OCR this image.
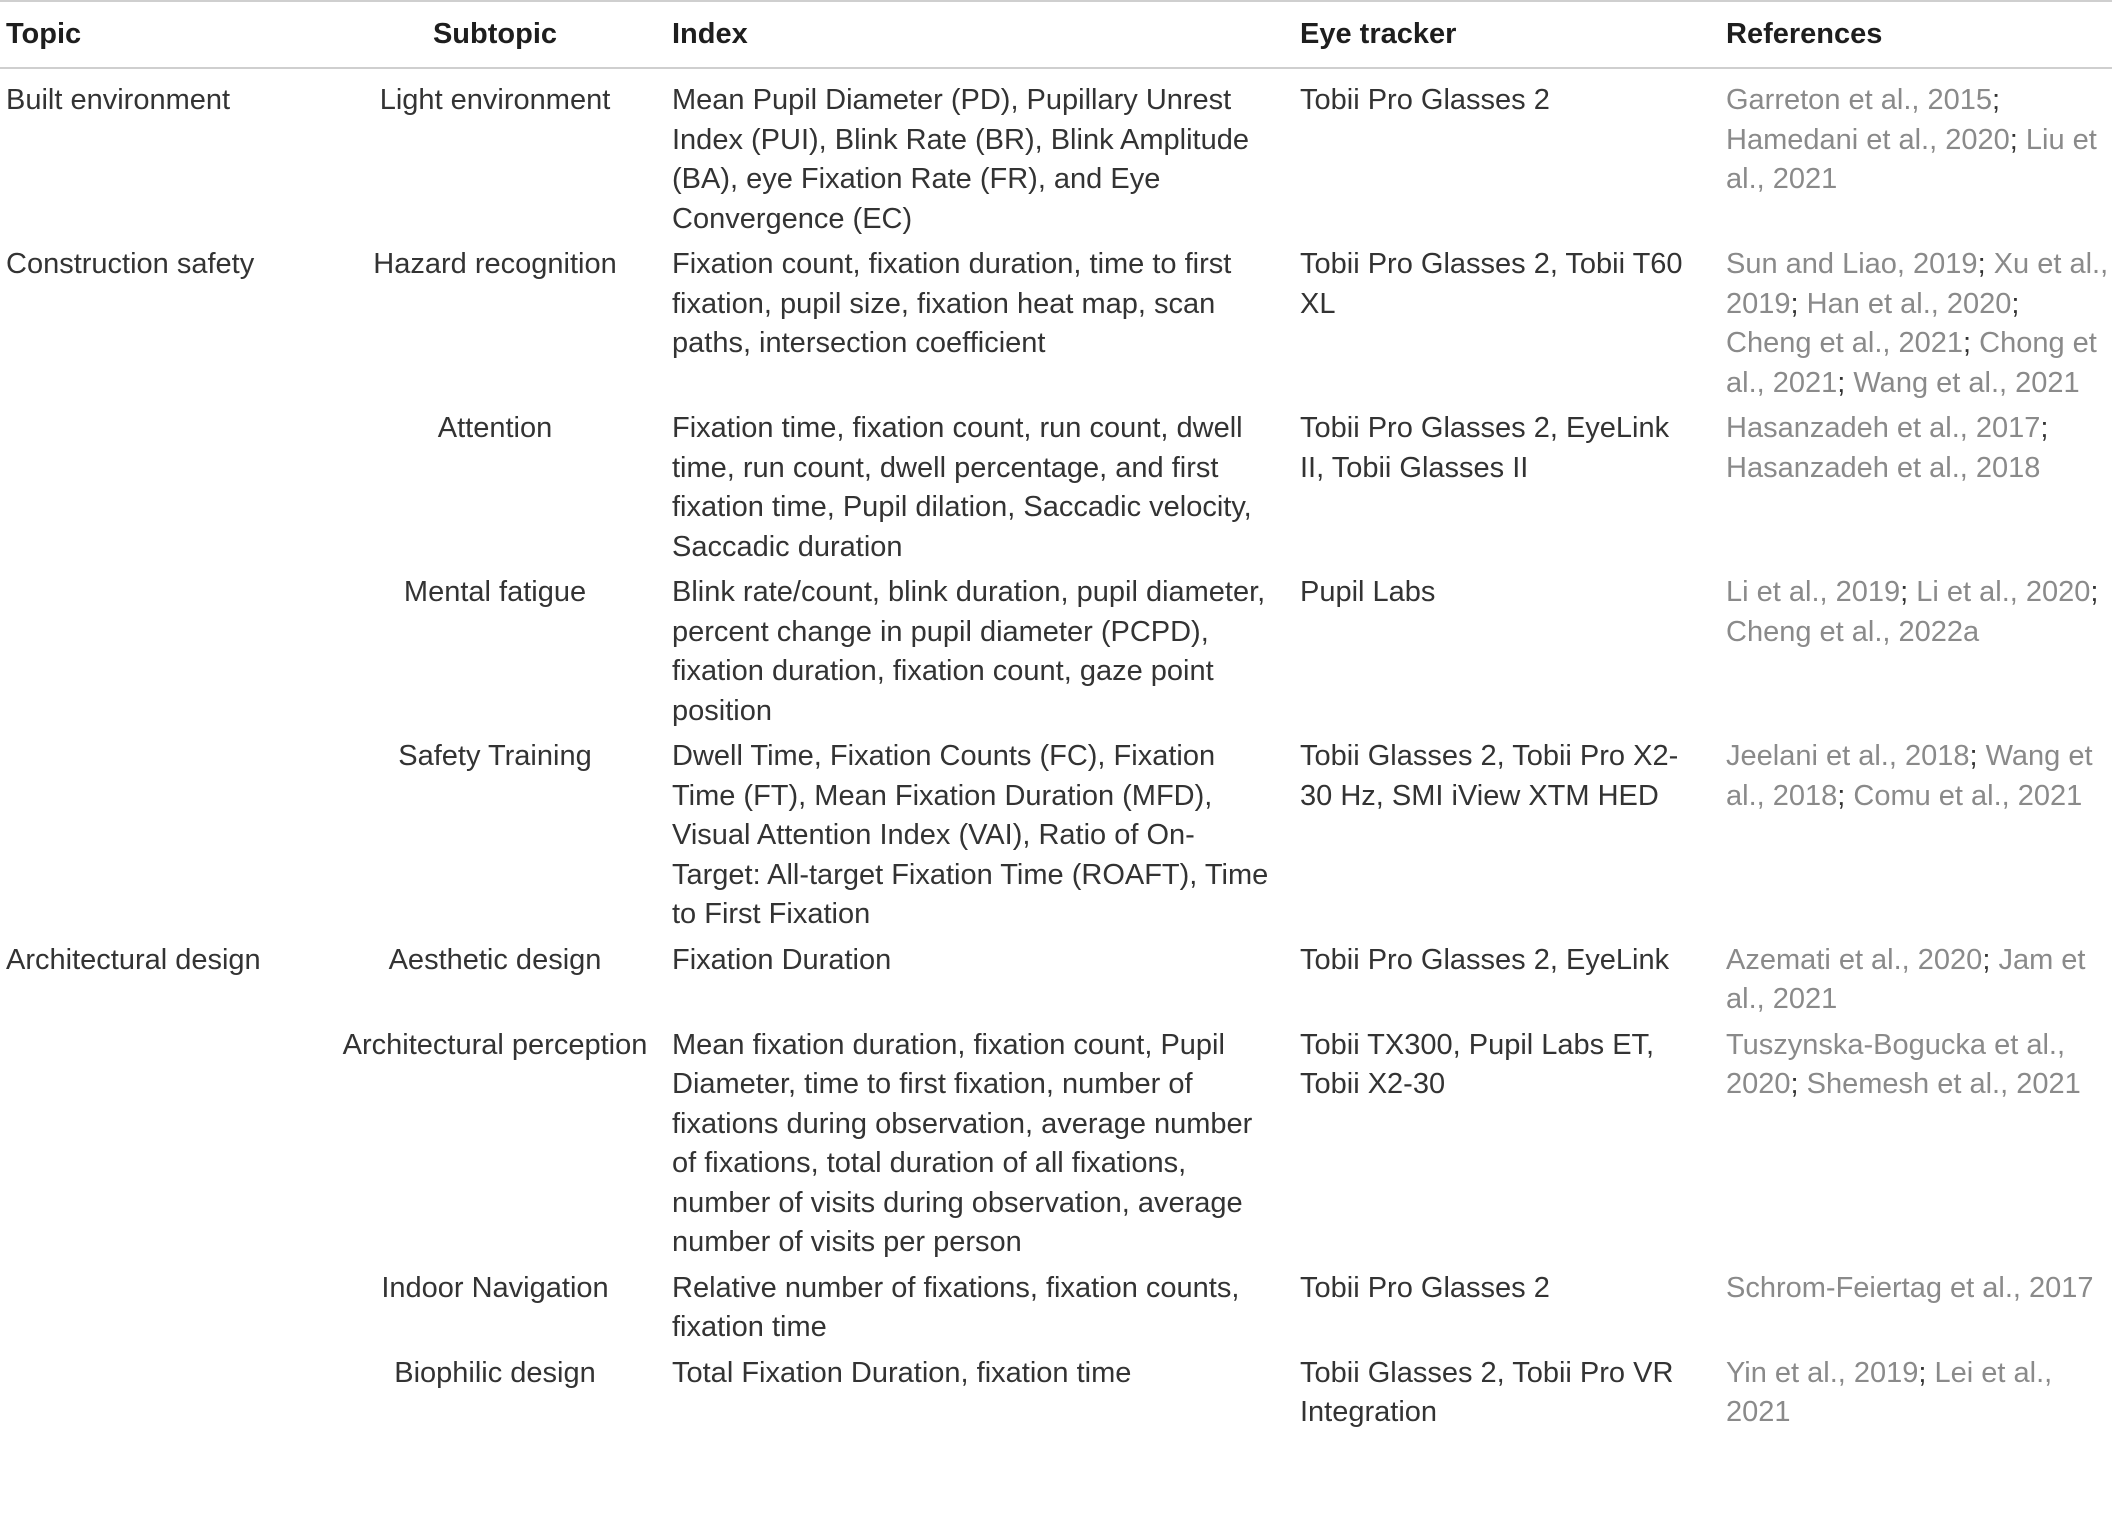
Topic	Subtopic	Index	Eye tracker	References
Built environment	Light environment	Mean Pupil Diameter (PD), Pupillary Unrest Index (PUI), Blink Rate (BR), Blink Amplitude (BA), eye Fixation Rate (FR), and Eye Convergence (EC)	Tobii Pro Glasses 2	Garreton et al., 2015; Hamedani et al., 2020; Liu et al., 2021
Construction safety	Hazard recognition	Fixation count, fixation duration, time to first fixation, pupil size, fixation heat map, scan paths, intersection coefficient	Tobii Pro Glasses 2, Tobii T60 XL	Sun and Liao, 2019; Xu et al., 2019; Han et al., 2020; Cheng et al., 2021; Chong et al., 2021; Wang et al., 2021
	Attention	Fixation time, fixation count, run count, dwell time, run count, dwell percentage, and first fixation time, Pupil dilation, Saccadic velocity, Saccadic duration	Tobii Pro Glasses 2, EyeLink II, Tobii Glasses II	Hasanzadeh et al., 2017; Hasanzadeh et al., 2018
	Mental fatigue	Blink rate/count, blink duration, pupil diameter, percent change in pupil diameter (PCPD), fixation duration, fixation count, gaze point position	Pupil Labs	Li et al., 2019; Li et al., 2020; Cheng et al., 2022a
	Safety Training	Dwell Time, Fixation Counts (FC), Fixation Time (FT), Mean Fixation Duration (MFD), Visual Attention Index (VAI), Ratio of On-Target: All-target Fixation Time (ROAFT), Time to First Fixation	Tobii Glasses 2, Tobii Pro X2-30 Hz, SMI iView XTM HED	Jeelani et al., 2018; Wang et al., 2018; Comu et al., 2021
Architectural design	Aesthetic design	Fixation Duration	Tobii Pro Glasses 2, EyeLink	Azemati et al., 2020; Jam et al., 2021
	Architectural perception	Mean fixation duration, fixation count, Pupil Diameter, time to first fixation, number of fixations during observation, average number of fixations, total duration of all fixations, number of visits during observation, average number of visits per person	Tobii TX300, Pupil Labs ET, Tobii X2-30	Tuszynska-Bogucka et al., 2020; Shemesh et al., 2021
	Indoor Navigation	Relative number of fixations, fixation counts, fixation time	Tobii Pro Glasses 2	Schrom-Feiertag et al., 2017
	Biophilic design	Total Fixation Duration, fixation time	Tobii Glasses 2, Tobii Pro VR Integration	Yin et al., 2019; Lei et al., 2021
